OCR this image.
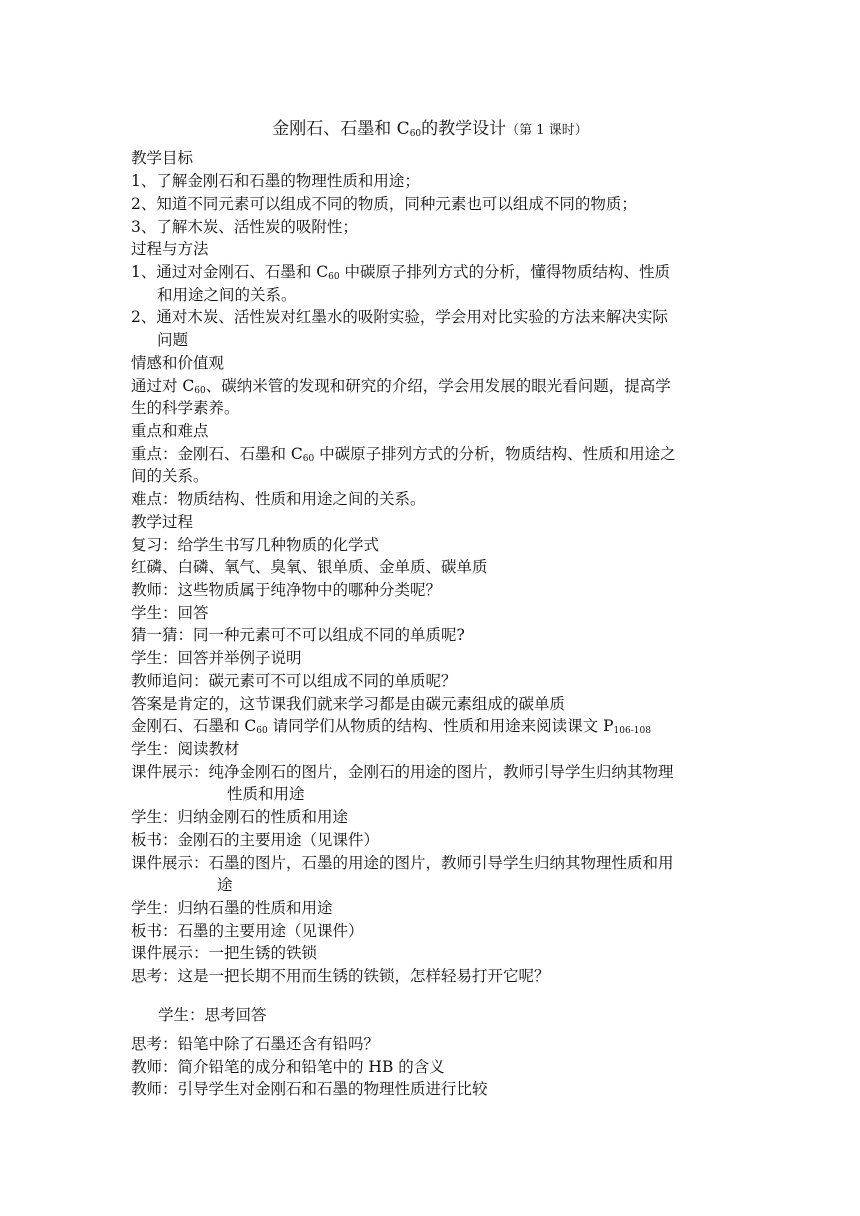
金刚石、石墨和 $C_{60}$的教学设计（第 1 课时）
教学目标
1、了解金刚石和石墨的物理性质和用途；
2、知道不同元素可以组成不同的物质，同种元素也可以组成不同的物质；
3、了解木炭、活性炭的吸附性；
过程与方法
1、通过对金刚石、石墨和 $C_{60}$ 中碳原子排列方式的分析，懂得物质结构、性质
和用途之间的关系。
2、通对木炭、活性炭对红墨水的吸附实验，学会用对比实验的方法来解决实际
问题
情感和价值观
通过对 $C_{60}$、碳纳米管的发现和研究的介绍，学会用发展的眼光看问题，提高学
生的科学素养。
重点和难点
重点：金刚石、石墨和 $C_{60}$ 中碳原子排列方式的分析，物质结构、性质和用途之
间的关系。
难点：物质结构、性质和用途之间的关系。
教学过程
复习：给学生书写几种物质的化学式
红磷、白磷、氧气、臭氧、银单质、金单质、碳单质
教师：这些物质属于纯净物中的哪种分类呢？
学生：回答
猜一猜：同一种元素可不可以组成不同的单质呢?
学生：回答并举例子说明
教师追问：碳元素可不可以组成不同的单质呢？
答案是肯定的，这节课我们就来学习都是由碳元素组成的碳单质
金刚石、石墨和 $C_{60}$ 请同学们从物质的结构、性质和用途来阅读课文 $P_{106-108}$
学生：阅读教材
课件展示：纯净金刚石的图片，金刚石的用途的图片，教师引导学生归纳其物理
性质和用途
学生：归纳金刚石的性质和用途
板书：金刚石的主要用途（见课件）
课件展示：石墨的图片，石墨的用途的图片，教师引导学生归纳其物理性质和用
途
学生：归纳石墨的性质和用途
板书：石墨的主要用途（见课件）
课件展示：一把生锈的铁锁
思考：这是一把长期不用而生锈的铁锁，怎样轻易打开它呢？
学生：思考回答
思考：铅笔中除了石墨还含有铅吗？
教师：简介铅笔的成分和铅笔中的 HB 的含义
教师：引导学生对金刚石和石墨的物理性质进行比较
